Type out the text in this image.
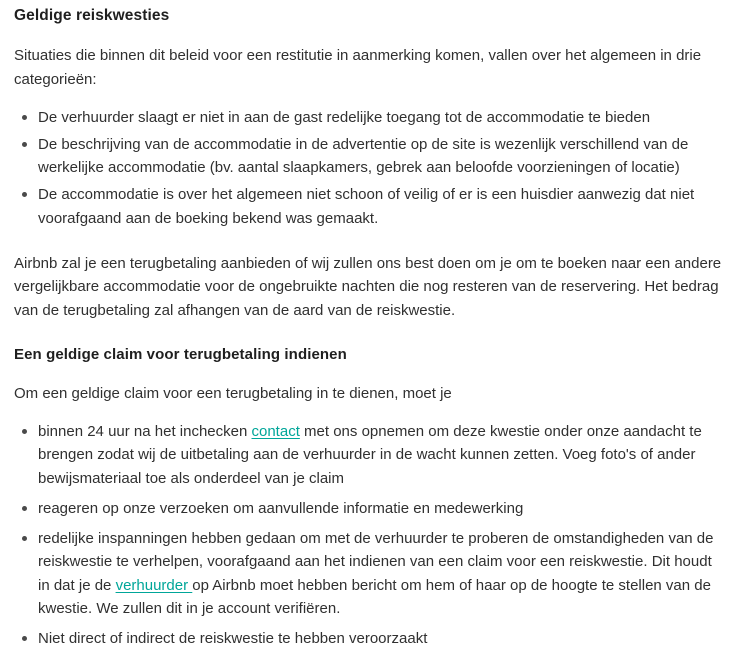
Geldige reiskwesties

Situaties die binnen dit beleid voor een restitutie in aanmerking komen, vallen over het algemeen in drie categorieën:

De verhuurder slaagt er niet in aan de gast redelijke toegang tot de accommodatie te bieden
De beschrijving van de accommodatie in de advertentie op de site is wezenlijk verschillend van de werkelijke accommodatie (bv. aantal slaapkamers, gebrek aan beloofde voorzieningen of locatie)
De accommodatie is over het algemeen niet schoon of veilig of er is een huisdier aanwezig dat niet voorafgaand aan de boeking bekend was gemaakt.

Airbnb zal je een terugbetaling aanbieden of wij zullen ons best doen om je om te boeken naar een andere vergelijkbare accommodatie voor de ongebruikte nachten die nog resteren van de reservering. Het bedrag van de terugbetaling zal afhangen van de aard van de reiskwestie.

Een geldige claim voor terugbetaling indienen

Om een geldige claim voor een terugbetaling in te dienen, moet je

binnen 24 uur na het inchecken contact met ons opnemen om deze kwestie onder onze aandacht te brengen zodat wij de uitbetaling aan de verhuurder in de wacht kunnen zetten. Voeg foto's of ander bewijsmateriaal toe als onderdeel van je claim
reageren op onze verzoeken om aanvullende informatie en medewerking
redelijke inspanningen hebben gedaan om met de verhuurder te proberen de omstandigheden van de reiskwestie te verhelpen, voorafgaand aan het indienen van een claim voor een reiskwestie. Dit houdt in dat je de verhuurder op Airbnb moet hebben bericht om hem of haar op de hoogte te stellen van de kwestie. We zullen dit in je account verifiëren.
Niet direct of indirect de reiskwestie te hebben veroorzaakt
